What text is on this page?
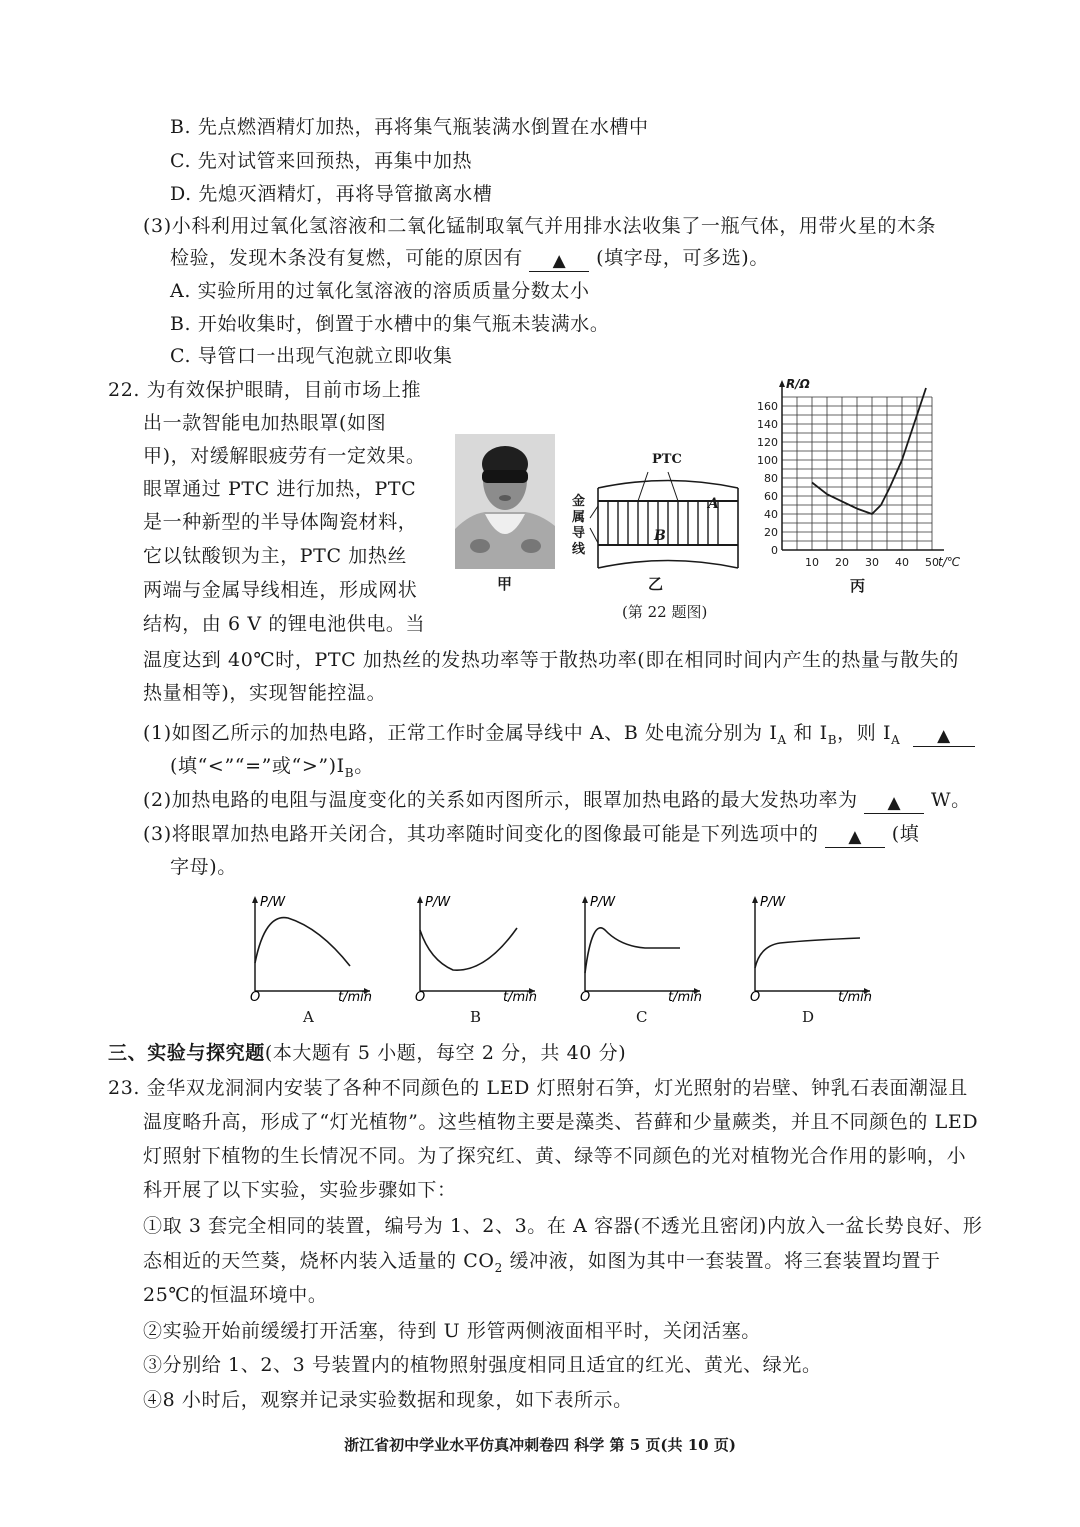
B. 先点燃酒精灯加热，再将集气瓶装满水倒置在水槽中
C. 先对试管来回预热，再集中加热
D. 先熄灭酒精灯，再将导管撤离水槽
(3)小科利用过氧化氢溶液和二氧化锰制取氧气并用排水法收集了一瓶气体，用带火星的木条
检验，发现木条没有复燃，可能的原因有 ▲ (填字母，可多选)。
A. 实验所用的过氧化氢溶液的溶质质量分数太小
B. 开始收集时，倒置于水槽中的集气瓶未装满水。
C. 导管口一出现气泡就立即收集
22. 为有效保护眼睛，目前市场上推
出一款智能电加热眼罩(如图
甲)，对缓解眼疲劳有一定效果。
眼罩通过 PTC 进行加热，PTC
是一种新型的半导体陶瓷材料，
它以钛酸钡为主，PTC 加热丝
两端与金属导线相连，形成网状
结构，由 6 V 的锂电池供电。当
甲
PTC
A
B
金
属
导
线
乙
(第 22 题图)
0
20
40
60
80
100
120
140
160
10 20 30 40 50
R/Ω
t/℃
丙
温度达到 40℃时，PTC 加热丝的发热功率等于散热功率(即在相同时间内产生的热量与散失的
热量相等)，实现智能控温。
(1)如图乙所示的加热电路，正常工作时金属导线中 A、B 处电流分别为 $I_A$ 和 $I_B$，则 $I_A$ ▲
(填“<”“=”或“$>”)I_B$。
(2)加热电路的电阻与温度变化的关系如丙图所示，眼罩加热电路的最大发热功率为 ▲ W。
(3)将眼罩加热电路开关闭合，其功率随时间变化的图像最可能是下列选项中的 ▲ (填
字母)。
P/W
t/min
O
A
P/W
t/min
O
B
P/W
t/min
O
C
P/W
t/min
O
D
三、实验与探究题(本大题有 5 小题，每空 2 分，共 40 分)
23. 金华双龙洞洞内安装了各种不同颜色的 LED 灯照射石笋，灯光照射的岩壁、钟乳石表面潮湿且
温度略升高，形成了“灯光植物”。这些植物主要是藻类、苔藓和少量蕨类，并且不同颜色的 LED
灯照射下植物的生长情况不同。为了探究红、黄、绿等不同颜色的光对植物光合作用的影响，小
科开展了以下实验，实验步骤如下：
①取 3 套完全相同的装置，编号为 1、2、3。在 A 容器(不透光且密闭)内放入一盆长势良好、形
态相近的天竺葵，烧杯内装入适量的 $CO_2$ 缓冲液，如图为其中一套装置。将三套装置均置于
25℃的恒温环境中。
②实验开始前缓缓打开活塞，待到 U 形管两侧液面相平时，关闭活塞。
③分别给 1、2、3 号装置内的植物照射强度相同且适宜的红光、黄光、绿光。
④8 小时后，观察并记录实验数据和现象，如下表所示。
浙江省初中学业水平仿真冲刺卷四 科学 第 5 页(共 10 页)
